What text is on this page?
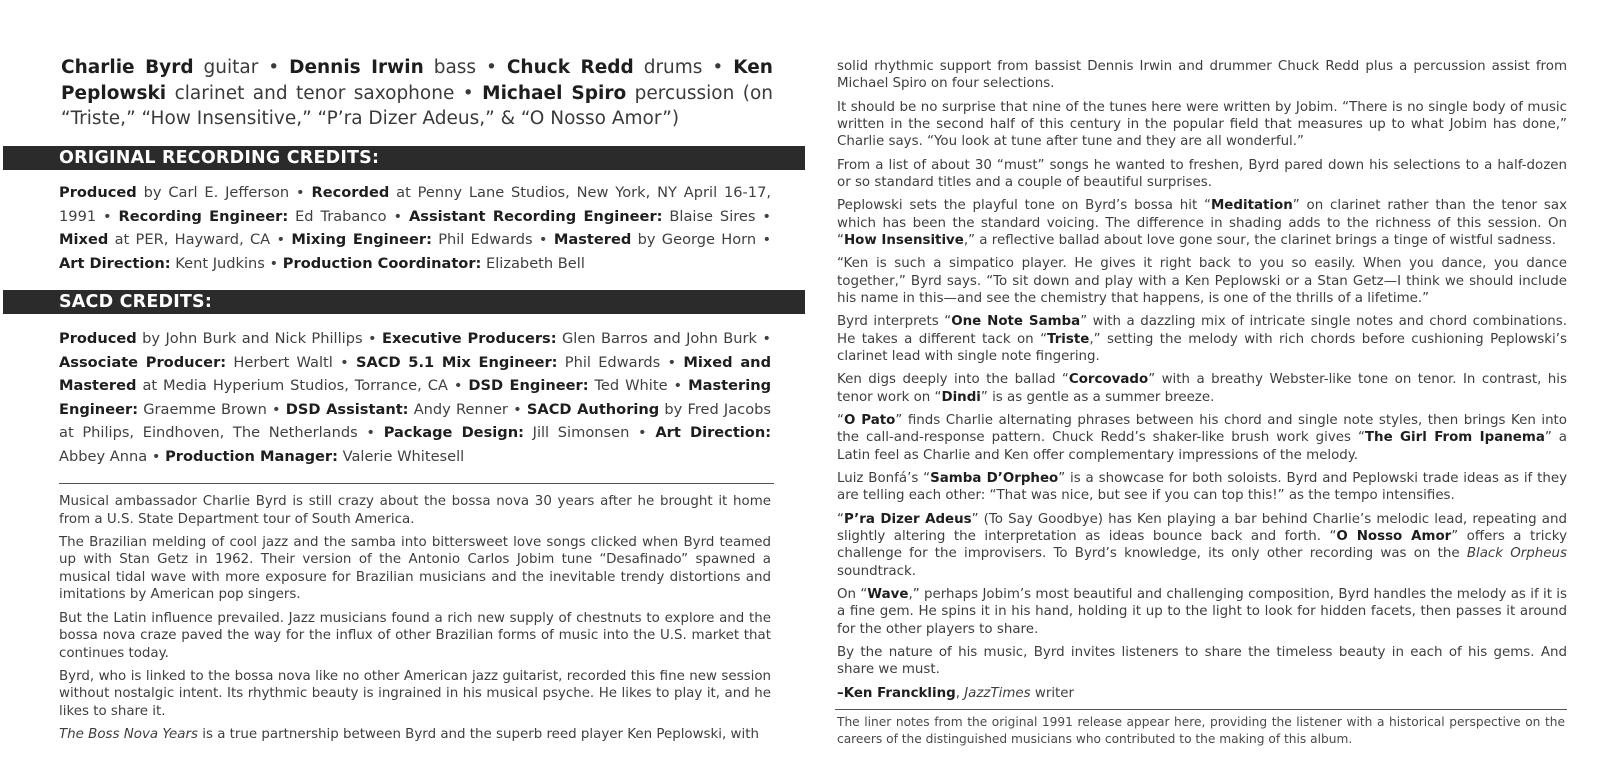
Charlie Byrd guitar • Dennis Irwin bass • Chuck Redd drums • Ken Peplowski clarinet and tenor saxophone • Michael Spiro percussion (on “Triste,” “How Insensitive,” “P’ra Dizer Adeus,” & “O Nosso Amor”)
ORIGINAL RECORDING CREDITS:
Produced by Carl E. Jefferson • Recorded at Penny Lane Studios, New York, NY April 16-17, 1991 • Recording Engineer: Ed Trabanco • Assistant Recording Engineer: Blaise Sires • Mixed at PER, Hayward, CA • Mixing Engineer: Phil Edwards • Mastered by George Horn • Art Direction: Kent Judkins • Production Coordinator: Elizabeth Bell
SACD CREDITS:
Produced by John Burk and Nick Phillips • Executive Producers: Glen Barros and John Burk • Associate Producer: Herbert Waltl • SACD 5.1 Mix Engineer: Phil Edwards • Mixed and Mastered at Media Hyperium Studios, Torrance, CA • DSD Engineer: Ted White • Mastering Engineer: Graemme Brown • DSD Assistant: Andy Renner • SACD Authoring by Fred Jacobs at Philips, Eindhoven, The Netherlands • Package Design: Jill Simonsen • Art Direction: Abbey Anna • Production Manager: Valerie Whitesell

Musical ambassador Charlie Byrd is still crazy about the bossa nova 30 years after he brought it home from a U.S. State Department tour of South America.

The Brazilian melding of cool jazz and the samba into bittersweet love songs clicked when Byrd teamed up with Stan Getz in 1962. Their version of the Antonio Carlos Jobim tune “Desafinado” spawned a musical tidal wave with more exposure for Brazilian musicians and the inevitable trendy distortions and imitations by American pop singers.

But the Latin influence prevailed. Jazz musicians found a rich new supply of chestnuts to explore and the bossa nova craze paved the way for the influx of other Brazilian forms of music into the U.S. market that continues today.

Byrd, who is linked to the bossa nova like no other American jazz guitarist, recorded this fine new session without nostalgic intent. Its rhythmic beauty is ingrained in his musical psyche. He likes to play it, and he likes to share it.

The Boss Nova Years is a true partnership between Byrd and the superb reed player Ken Peplowski, with

solid rhythmic support from bassist Dennis Irwin and drummer Chuck Redd plus a percussion assist from Michael Spiro on four selections.

It should be no surprise that nine of the tunes here were written by Jobim. “There is no single body of music written in the second half of this century in the popular field that measures up to what Jobim has done,” Charlie says. “You look at tune after tune and they are all wonderful.”

From a list of about 30 “must” songs he wanted to freshen, Byrd pared down his selections to a half-dozen or so standard titles and a couple of beautiful surprises.

Peplowski sets the playful tone on Byrd’s bossa hit “Meditation” on clarinet rather than the tenor sax which has been the standard voicing. The difference in shading adds to the richness of this session. On “How Insensitive,” a reflective ballad about love gone sour, the clarinet brings a tinge of wistful sadness.

“Ken is such a simpatico player. He gives it right back to you so easily. When you dance, you dance together,” Byrd says. “To sit down and play with a Ken Peplowski or a Stan Getz—I think we should include his name in this—and see the chemistry that happens, is one of the thrills of a lifetime.”

Byrd interprets “One Note Samba” with a dazzling mix of intricate single notes and chord combinations. He takes a different tack on “Triste,” setting the melody with rich chords before cushioning Peplowski’s clarinet lead with single note fingering.

Ken digs deeply into the ballad “Corcovado” with a breathy Webster-like tone on tenor. In contrast, his tenor work on “Dindi” is as gentle as a summer breeze.

“O Pato” finds Charlie alternating phrases between his chord and single note styles, then brings Ken into the call-and-response pattern. Chuck Redd’s shaker-like brush work gives “The Girl From Ipanema” a Latin feel as Charlie and Ken offer complementary impressions of the melody.

Luiz Bonfá’s “Samba D’Orpheo” is a showcase for both soloists. Byrd and Peplowski trade ideas as if they are telling each other: “That was nice, but see if you can top this!” as the tempo intensifies.

“P’ra Dizer Adeus” (To Say Goodbye) has Ken playing a bar behind Charlie’s melodic lead, repeating and slightly altering the interpretation as ideas bounce back and forth. “O Nosso Amor” offers a tricky challenge for the improvisers. To Byrd’s knowledge, its only other recording was on the Black Orpheus soundtrack.

On “Wave,” perhaps Jobim’s most beautiful and challenging composition, Byrd handles the melody as if it is a fine gem. He spins it in his hand, holding it up to the light to look for hidden facets, then passes it around for the other players to share.

By the nature of his music, Byrd invites listeners to share the timeless beauty in each of his gems. And share we must.

–Ken Franckling, JazzTimes writer

The liner notes from the original 1991 release appear here, providing the listener with a historical perspective on the careers of the distinguished musicians who contributed to the making of this album.
